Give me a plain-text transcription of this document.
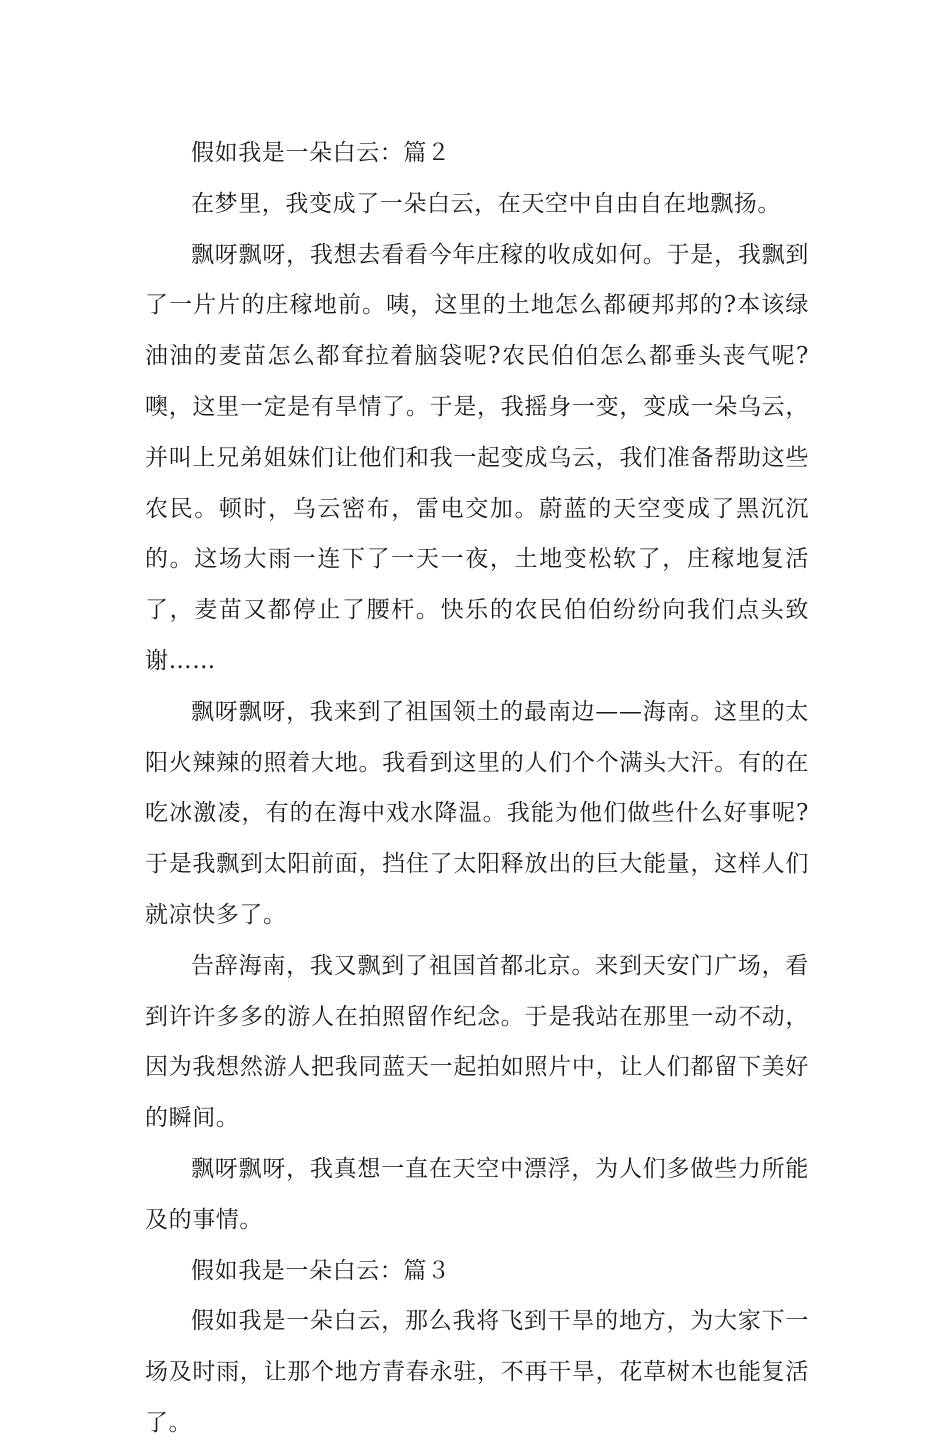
假如我是一朵白云：篇２

在梦里，我变成了一朵白云，在天空中自由自在地飘扬。

飘呀飘呀，我想去看看今年庄稼的收成如何。于是，我飘到了一片片的庄稼地前。咦，这里的土地怎么都硬邦邦的?本该绿油油的麦苗怎么都耷拉着脑袋呢?农民伯伯怎么都垂头丧气呢?噢，这里一定是有旱情了。于是，我摇身一变，变成一朵乌云，并叫上兄弟姐妹们让他们和我一起变成乌云，我们准备帮助这些农民。顿时，乌云密布，雷电交加。蔚蓝的天空变成了黑沉沉的。这场大雨一连下了一天一夜，土地变松软了，庄稼地复活了，麦苗又都停止了腰杆。快乐的农民伯伯纷纷向我们点头致谢……

飘呀飘呀，我来到了祖国领土的最南边——海南。这里的太阳火辣辣的照着大地。我看到这里的人们个个满头大汗。有的在吃冰激凌，有的在海中戏水降温。我能为他们做些什么好事呢?于是我飘到太阳前面，挡住了太阳释放出的巨大能量，这样人们就凉快多了。

告辞海南，我又飘到了祖国首都北京。来到天安门广场，看到许许多多的游人在拍照留作纪念。于是我站在那里一动不动，因为我想然游人把我同蓝天一起拍如照片中，让人们都留下美好的瞬间。

飘呀飘呀，我真想一直在天空中漂浮，为人们多做些力所能及的事情。

假如我是一朵白云：篇３

假如我是一朵白云，那么我将飞到干旱的地方，为大家下一场及时雨，让那个地方青春永驻，不再干旱，花草树木也能复活了。
